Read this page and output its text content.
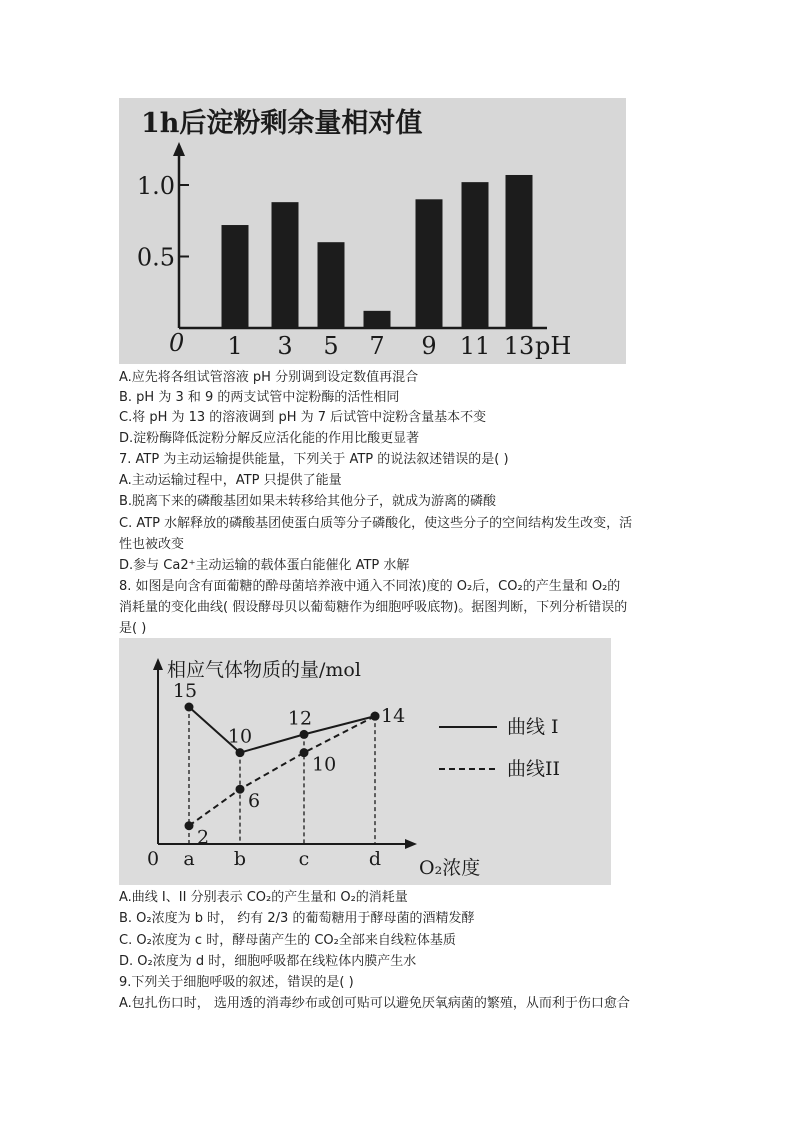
1h后淀粉剩余量相对值
0.5
1.0
1 3 5 7 9 11 13 pH
0
A.应先将各组试管溶液 pH 分别调到设定数值再混合
B. pH 为 3 和 9 的两支试管中淀粉酶的活性相同
C.将 pH 为 13 的溶液调到 pH 为 7 后试管中淀粉含量基本不变
D.淀粉酶降低淀粉分解反应活化能的作用比酸更显著
7. ATP 为主动运输提供能量，下列关于 ATP 的说法叙述错误的是( )
A.主动运输过程中，ATP 只提供了能量
B.脱离下来的磷酸基团如果未转移给其他分子，就成为游离的磷酸
C. ATP 水解释放的磷酸基团使蛋白质等分子磷酸化，使这些分子的空间结构发生改变，活
性也被改变
D.参与 Ca2⁺主动运输的载体蛋白能催化 ATP 水解
8. 如图是向含有面葡糖的酔母菌培养液中通入不同浓)度的 O₂后，CO₂的产生量和 O₂的
消耗量的变化曲线( 假设酵母贝以葡萄糖作为细胞呼吸底物)。据图判断，下列分析错误的
是( )
相应气体物质的量/mol
0	O₂浓度
a b	c	d
15
10
12	14
2
6
10
曲线 I
曲线II
A.曲线 I、II 分别表示 CO₂的产生量和 O₂的消耗量
B. O₂浓度为 b 时， 约有 2/3 的葡萄糖用于酵母菌的酒精发酵
C. O₂浓度为 c 时，酵母菌产生的 CO₂全部来自线粒体基质
D. O₂浓度为 d 时，细胞呼吸都在线粒体内膜产生水
9.下列关于细胞呼吸的叙述，错误的是( )
A.包扎伤口时， 选用透的消毒纱布或创可贴可以避免厌氧病菌的繁殖，从而利于伤口愈合
